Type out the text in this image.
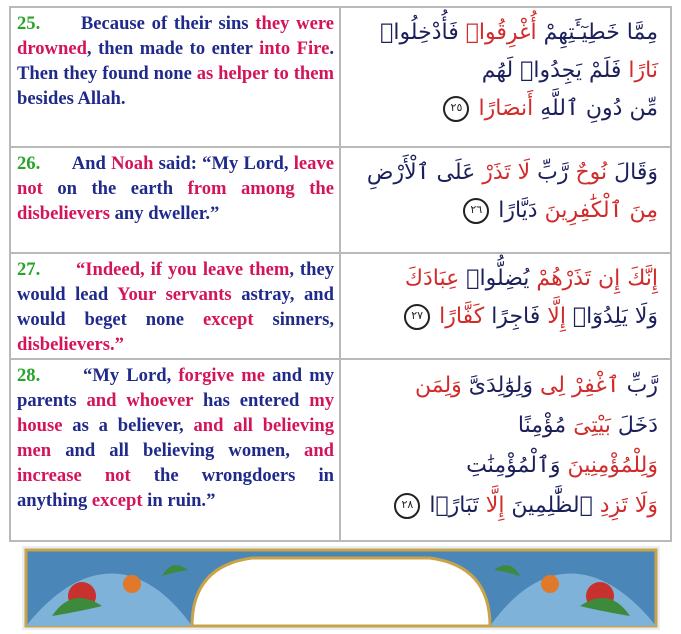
25. Because of their sins they were drowned, then made to enter into Fire. Then they found none as helper to them besides Allah.
مِمَّا خَطِيٓـَٔتِهِمْ أُغْرِقُوا۟ فَأُدْخِلُوا۟
نَارًا فَلَمْ يَجِدُوا۟ لَهُم
مِّن دُونِ ٱللَّهِ أَنصَارًا ٢٥
26. And Noah said: “My Lord, leave not on the earth from among the disbelievers any dweller.”
وَقَالَ نُوحٌ رَّبِّ لَا تَذَرْ عَلَى ٱلْأَرْضِ
مِنَ ٱلْكَٰفِرِينَ دَيَّارًا ٢٦
27. “Indeed, if you leave them, they would lead Your servants astray, and would beget none except sinners, disbelievers.”
إِنَّكَ إِن تَذَرْهُمْ يُضِلُّوا۟ عِبَادَكَ
وَلَا يَلِدُوٓا۟ إِلَّا فَاجِرًا كَفَّارًا ٢٧
28. “My Lord, forgive me and my parents and whoever has entered my house as a believer, and all believing men and all believing women, and increase not the wrongdoers in anything except in ruin.”
رَّبِّ ٱغْفِرْ لِى وَلِوَٰلِدَىَّ وَلِمَن
دَخَلَ بَيْتِىَ مُؤْمِنًا
وَلِلْمُؤْمِنِينَ وَٱلْمُؤْمِنَٰتِ
وَلَا تَزِدِ ٱلظَّٰلِمِينَ إِلَّا تَبَارًۢا ٢٨
